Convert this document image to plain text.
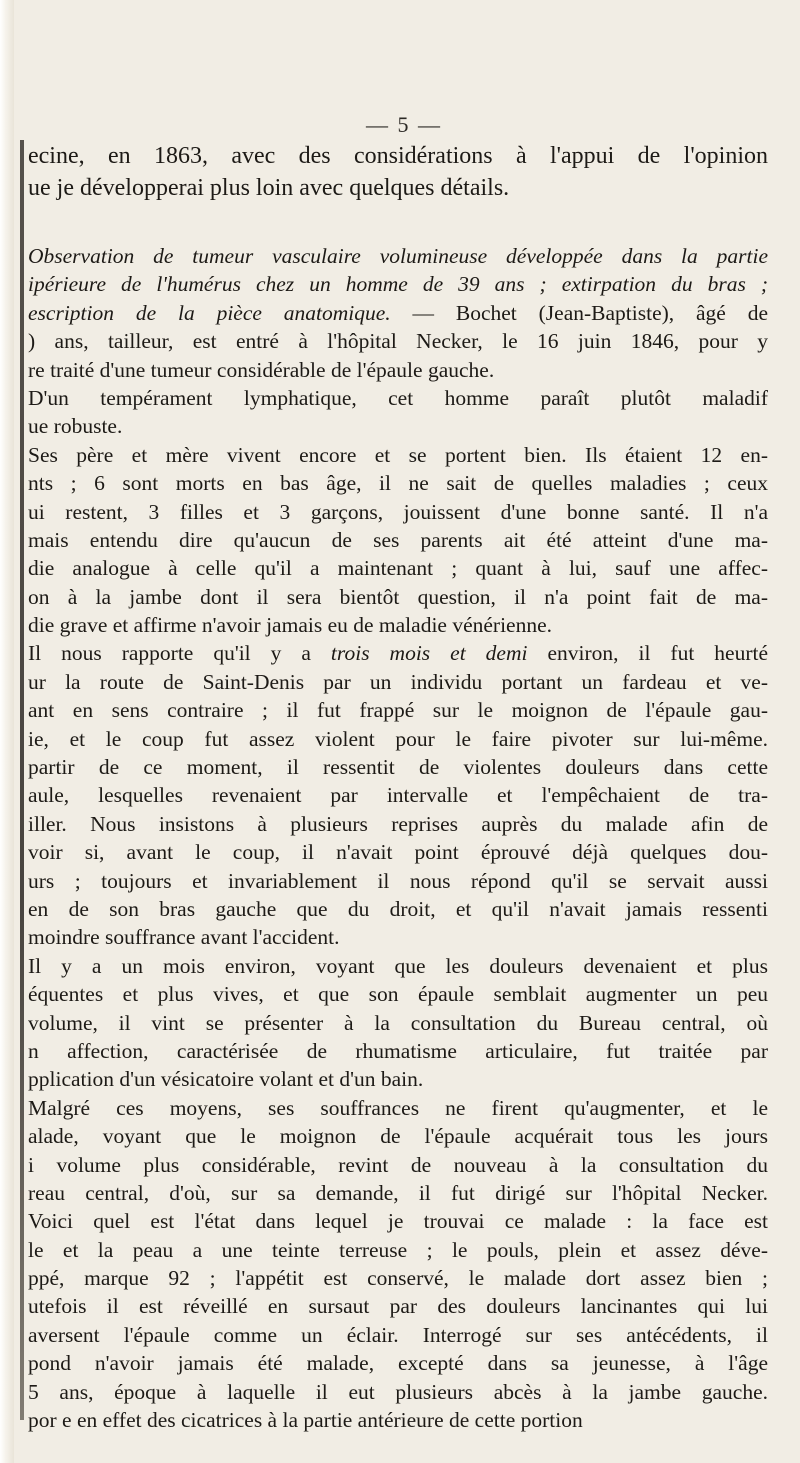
— 5 —
ecine, en 1863, avec des considérations à l'appui de l'opinion
ue je développerai plus loin avec quelques détails.
Observation de tumeur vasculaire volumineuse développée dans la partie
ipérieure de l'humérus chez un homme de 39 ans ; extirpation du bras ;
escription de la pièce anatomique. — Bochet (Jean-Baptiste), âgé de
) ans, tailleur, est entré à l'hôpital Necker, le 16 juin 1846, pour y
re traité d'une tumeur considérable de l'épaule gauche.
D'un tempérament lymphatique, cet homme paraît plutôt maladif
ue robuste.
Ses père et mère vivent encore et se portent bien. Ils étaient 12 en-
nts ; 6 sont morts en bas âge, il ne sait de quelles maladies ; ceux
ui restent, 3 filles et 3 garçons, jouissent d'une bonne santé. Il n'a
mais entendu dire qu'aucun de ses parents ait été atteint d'une ma-
die analogue à celle qu'il a maintenant ; quant à lui, sauf une affec-
on à la jambe dont il sera bientôt question, il n'a point fait de ma-
die grave et affirme n'avoir jamais eu de maladie vénérienne.
Il nous rapporte qu'il y a trois mois et demi environ, il fut heurté
ur la route de Saint-Denis par un individu portant un fardeau et ve-
ant en sens contraire ; il fut frappé sur le moignon de l'épaule gau-
ie, et le coup fut assez violent pour le faire pivoter sur lui-même.
partir de ce moment, il ressentit de violentes douleurs dans cette
aule, lesquelles revenaient par intervalle et l'empêchaient de tra-
iller. Nous insistons à plusieurs reprises auprès du malade afin de
voir si, avant le coup, il n'avait point éprouvé déjà quelques dou-
urs ; toujours et invariablement il nous répond qu'il se servait aussi
en de son bras gauche que du droit, et qu'il n'avait jamais ressenti
moindre souffrance avant l'accident.
Il y a un mois environ, voyant que les douleurs devenaient et plus
équentes et plus vives, et que son épaule semblait augmenter un peu
volume, il vint se présenter à la consultation du Bureau central, où
n affection, caractérisée de rhumatisme articulaire, fut traitée par
pplication d'un vésicatoire volant et d'un bain.
Malgré ces moyens, ses souffrances ne firent qu'augmenter, et le
alade, voyant que le moignon de l'épaule acquérait tous les jours
i volume plus considérable, revint de nouveau à la consultation du
reau central, d'où, sur sa demande, il fut dirigé sur l'hôpital Necker.
Voici quel est l'état dans lequel je trouvai ce malade : la face est
le et la peau a une teinte terreuse ; le pouls, plein et assez déve-
ppé, marque 92 ; l'appétit est conservé, le malade dort assez bien ;
utefois il est réveillé en sursaut par des douleurs lancinantes qui lui
aversent l'épaule comme un éclair. Interrogé sur ses antécédents, il
pond n'avoir jamais été malade, excepté dans sa jeunesse, à l'âge
5 ans, époque à laquelle il eut plusieurs abcès à la jambe gauche.
por e en effet des cicatrices à la partie antérieure de cette portion
